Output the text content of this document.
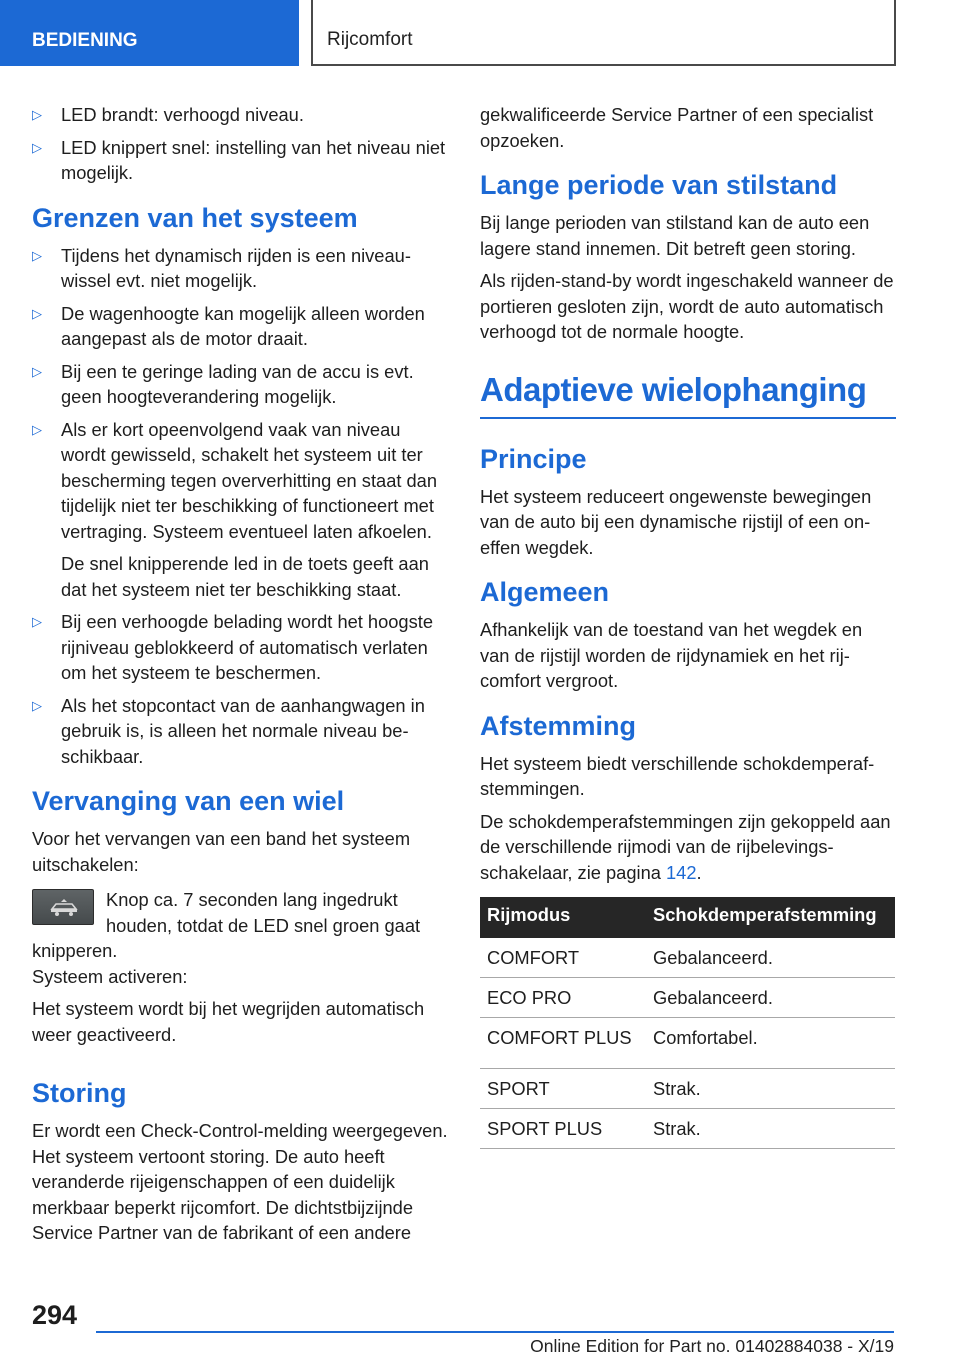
BEDIENING	Rijcomfort
▷ LED brandt: verhoogd niveau.
▷ LED knippert snel: instelling van het niveau niet mogelijk.
Grenzen van het systeem
▷ Tijdens het dynamisch rijden is een niveauwissel evt. niet mogelijk.
▷ De wagenhoogte kan mogelijk alleen worden aangepast als de motor draait.
▷ Bij een te geringe lading van de accu is evt. geen hoogteverandering mogelijk.
▷ Als er kort opeenvolgend vaak van niveau wordt gewisseld, schakelt het systeem uit ter bescherming tegen oververhitting en staat dan tijdelijk niet ter beschikking of functioneert met vertraging. Systeem eventueel laten afkoelen.
De snel knipperende led in de toets geeft aan dat het systeem niet ter beschikking staat.
▷ Bij een verhoogde belading wordt het hoogste rijniveau geblokkeerd of automatisch verlaten om het systeem te beschermen.
▷ Als het stopcontact van de aanhangwagen in gebruik is, is alleen het normale niveau beschikbaar.
Vervanging van een wiel

Voor het vervangen van een band het systeem uitschakelen:

Knop ca. 7 seconden lang ingedrukt houden, totdat de LED snel groen gaat
knipperen.

Systeem activeren:

Het systeem wordt bij het wegrijden automatisch weer geactiveerd.

Storing

Er wordt een Check-Control-melding weergegeven. Het systeem vertoont storing. De auto heeft veranderde rijeigenschappen of een duidelijk merkbaar beperkt rijcomfort. De dichtstbijzijnde Service Partner van de fabrikant of een andere

gekwalificeerde Service Partner of een specialist opzoeken.

Lange periode van stilstand

Bij lange perioden van stilstand kan de auto een lagere stand innemen. Dit betreft geen storing.

Als rijden-stand-by wordt ingeschakeld wanneer de portieren gesloten zijn, wordt de auto automatisch verhoogd tot de normale hoogte.

Adaptieve wielophanging
Principe

Het systeem reduceert ongewenste bewegingen van de auto bij een dynamische rijstijl of een oneffen wegdek.

Algemeen

Afhankelijk van de toestand van het wegdek en van de rijstijl worden de rijdynamiek en het rijcomfort vergroot.

Afstemming

Het systeem biedt verschillende schokdemperafstemmingen.

De schokdemperafstemmingen zijn gekoppeld aan de verschillende rijmodi van de rijbelevingsschakelaar, zie pagina 142.

Rijmodus	Schokdemperafstemming
COMFORT	Gebalanceerd.
ECO PRO	Gebalanceerd.
COMFORT PLUS	Comfortabel.
SPORT	Strak.
SPORT PLUS	Strak.
294
Online Edition for Part no. 01402884038 - X/19
